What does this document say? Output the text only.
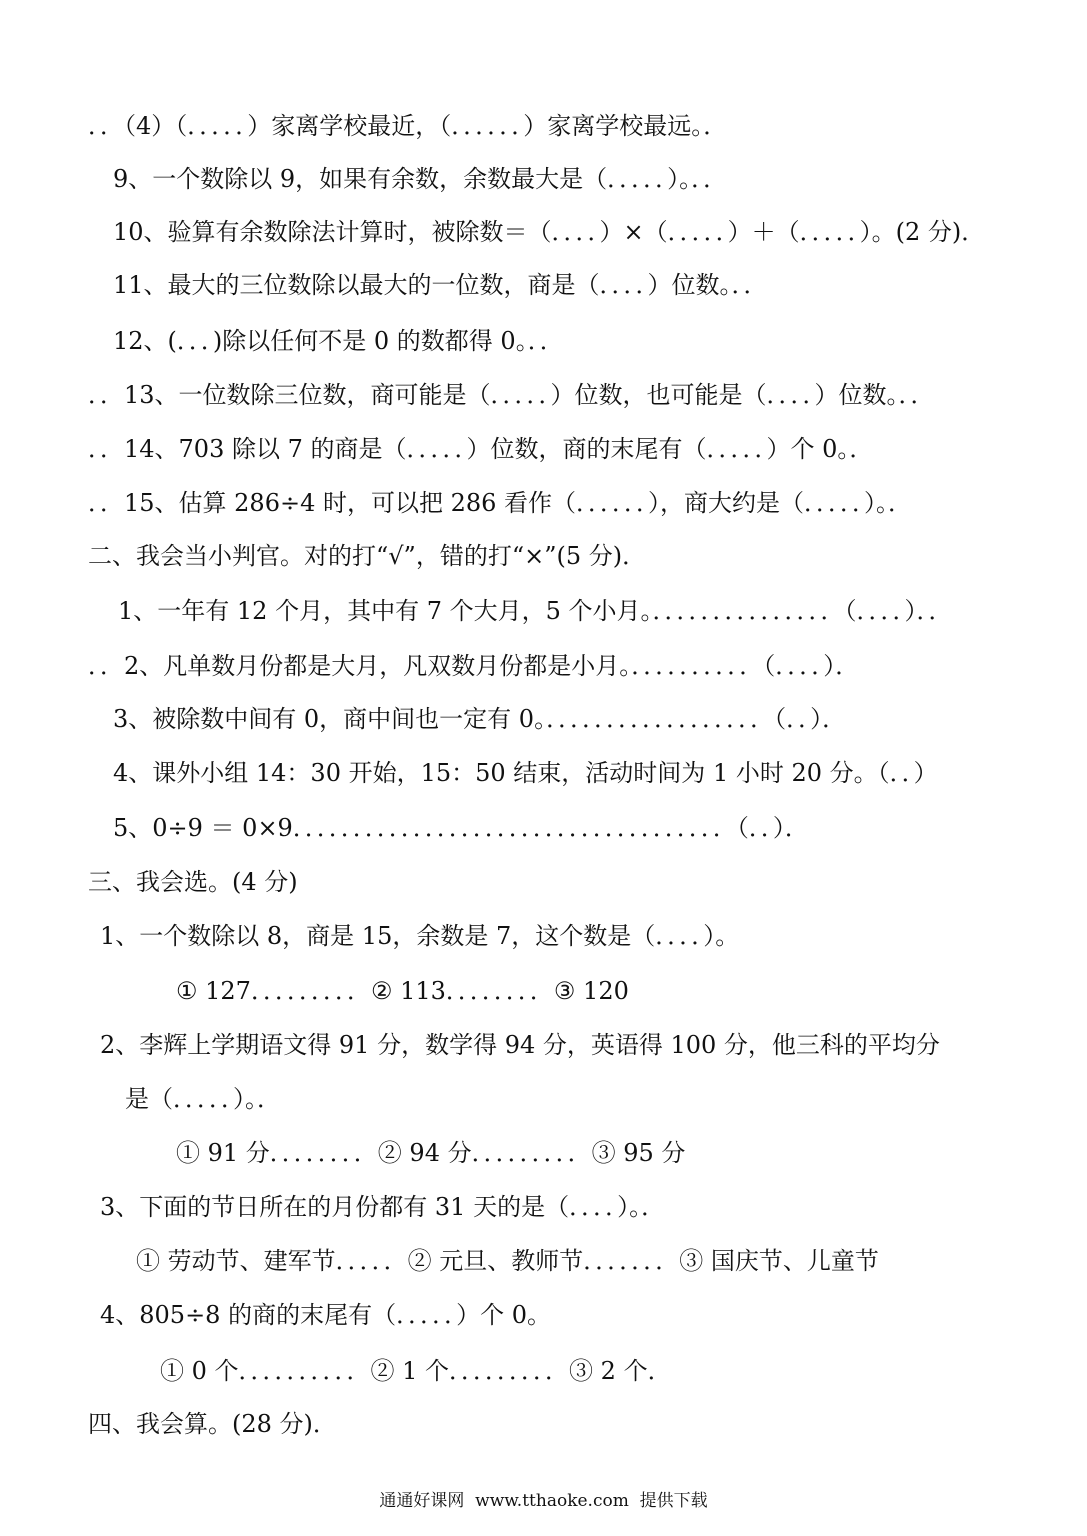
．．（4）（．．．．．）家离学校最近，（．．．．．．）家离学校最远。．
9、一个数除以 9，如果有余数，余数最大是（．．．．．）。．．
10、验算有余数除法计算时，被除数＝（．．．．）×（．．．．．）＋（．．．．．）。(2 分)．
11、最大的三位数除以最大的一位数，商是（．．．．）位数。．．
12、(．．．)除以任何不是 0 的数都得 0。．．
．．13、一位数除三位数，商可能是（．．．．．）位数，也可能是（．．．．）位数。．．
．．14、703 除以 7 的商是（．．．．．）位数，商的末尾有（．．．．．）个 0。．
．．15、估算 286÷4 时，可以把 286 看作（．．．．．．），商大约是（．．．．．）。．
二、我会当小判官。对的打“√”，错的打“×”(5 分)．
1、一年有 12 个月，其中有 7 个大月，5 个小月。．．．．．．．．．．．．．．．（．．．．）．．
．．2、凡单数月份都是大月，凡双数月份都是小月。．．．．．．．．．．（．．．．）．
3、被除数中间有 0，商中间也一定有 0。．．．．．．．．．．．．．．．．．．（．．）．
4、课外小组 14：30 开始，15：50 结束，活动时间为 1 小时 20 分。（．．）
5、0÷9 ＝ 0×9．．．．．．．．．．．．．．．．．．．．．．．．．．．．．．．．．．．．（．．）．
三、我会选。(4 分)
1、一个数除以 8，商是 15，余数是 7，这个数是（．．．．）。
① 127．．．．．．．．．② 113．．．．．．．．③ 120
2、李辉上学期语文得 91 分，数学得 94 分，英语得 100 分，他三科的平均分
是（．．．．．）。．
① 91 分．．．．．．．．② 94 分．．．．．．．．．③ 95 分
3、下面的节日所在的月份都有 31 天的是（．．．．）。．
① 劳动节、建军节．．．．．② 元旦、教师节．．．．．．．③ 国庆节、儿童节
4、805÷8 的商的末尾有（．．．．．）个 0。
① 0 个．．．．．．．．．．② 1 个．．．．．．．．．③ 2 个．
四、我会算。(28 分)．
通通好课网  www.tthaoke.com  提供下载
